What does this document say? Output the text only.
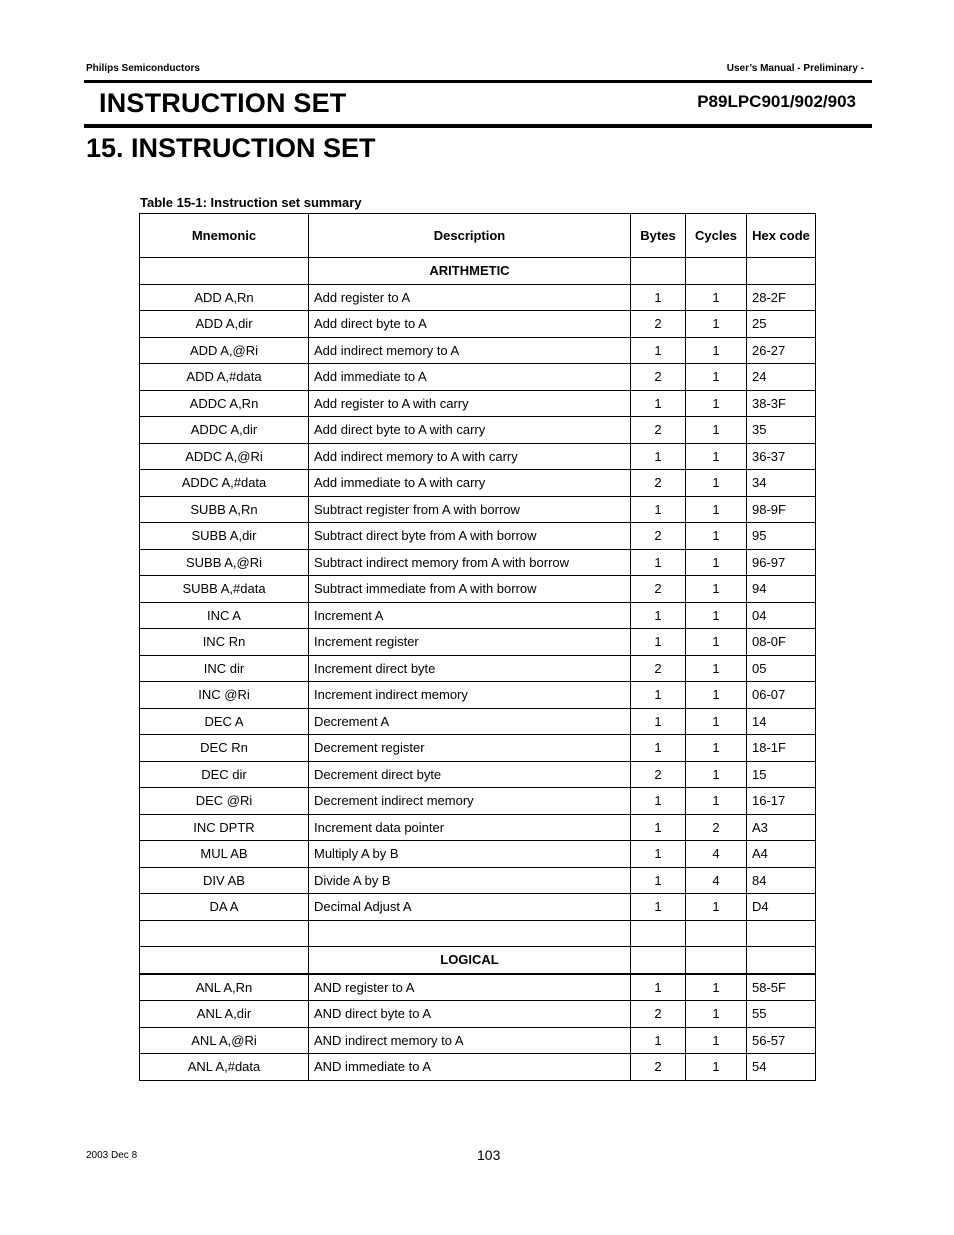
Philips Semiconductors	User’s Manual - Preliminary -
INSTRUCTION SET	P89LPC901/902/903
15. INSTRUCTION SET
Table 15-1: Instruction set summary
Mnemonic	Description	Bytes	Cycles	Hex code
	ARITHMETIC			
ADD A,Rn	Add register to A	1	1	28-2F
ADD A,dir	Add direct byte to A	2	1	25
ADD A,@Ri	Add indirect memory to A	1	1	26-27
ADD A,#data	Add immediate to A	2	1	24
ADDC A,Rn	Add register to A with carry	1	1	38-3F
ADDC A,dir	Add direct byte to A with carry	2	1	35
ADDC A,@Ri	Add indirect memory to A with carry	1	1	36-37
ADDC A,#data	Add immediate to A with carry	2	1	34
SUBB A,Rn	Subtract register from A with borrow	1	1	98-9F
SUBB A,dir	Subtract direct byte from A with borrow	2	1	95
SUBB A,@Ri	Subtract indirect memory from A with borrow	1	1	96-97
SUBB A,#data	Subtract immediate from A with borrow	2	1	94
INC A	Increment A	1	1	04
INC Rn	Increment register	1	1	08-0F
INC dir	Increment direct byte	2	1	05
INC @Ri	Increment indirect memory	1	1	06-07
DEC A	Decrement A	1	1	14
DEC Rn	Decrement register	1	1	18-1F
DEC dir	Decrement direct byte	2	1	15
DEC @Ri	Decrement indirect memory	1	1	16-17
INC DPTR	Increment data pointer	1	2	A3
MUL AB	Multiply A by B	1	4	A4
DIV AB	Divide A by B	1	4	84
DA A	Decimal Adjust A	1	1	D4

	LOGICAL			
ANL A,Rn	AND register to A	1	1	58-5F
ANL A,dir	AND direct byte to A	2	1	55
ANL A,@Ri	AND indirect memory to A	1	1	56-57
ANL A,#data	AND immediate to A	2	1	54
103
2003 Dec 8
